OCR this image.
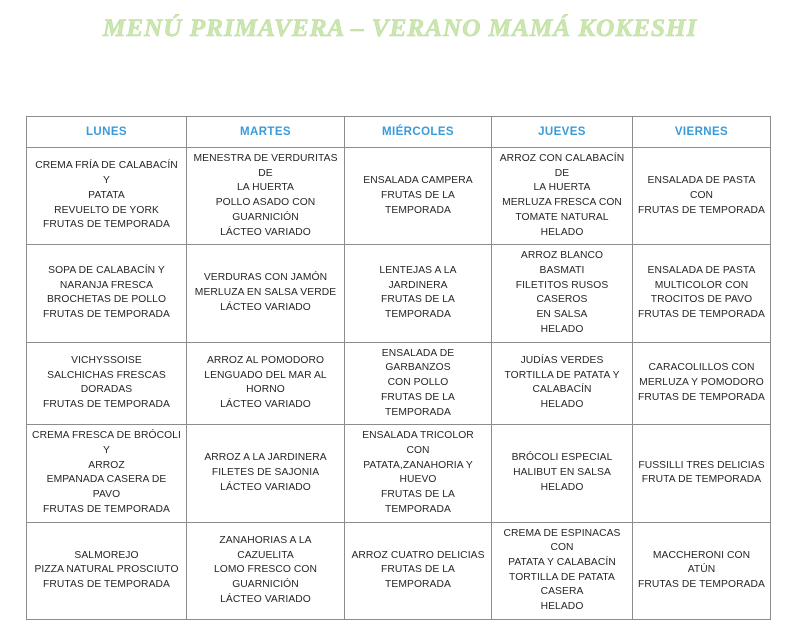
MENÚ PRIMAVERA – VERANO MAMÁ KOKESHI
LUNES	MARTES	MIÉRCOLES	JUEVES	VIERNES

CREMA FRÍA DE CALABACÍN Y
PATATA
REVUELTO DE YORK
FRUTAS DE TEMPORADA	MENESTRA DE VERDURITAS DE
LA HUERTA
POLLO ASADO CON
GUARNICIÓN
LÁCTEO VARIADO	ENSALADA CAMPERA
FRUTAS DE LA TEMPORADA	ARROZ CON CALABACÍN DE
LA HUERTA
MERLUZA FRESCA CON
TOMATE NATURAL
HELADO	ENSALADA DE PASTA CON
FRUTAS DE TEMPORADA

SOPA DE CALABACÍN Y
NARANJA FRESCA
BROCHETAS DE POLLO
FRUTAS DE TEMPORADA	VERDURAS CON JAMÓN
MERLUZA EN SALSA VERDE
LÁCTEO VARIADO	LENTEJAS A LA JARDINERA
FRUTAS DE LA TEMPORADA	ARROZ BLANCO BASMATI
FILETITOS RUSOS CASEROS
EN SALSA
HELADO	ENSALADA DE PASTA
MULTICOLOR CON
TROCITOS DE PAVO
FRUTAS DE TEMPORADA

VICHYSSOISE
SALCHICHAS FRESCAS
DORADAS
FRUTAS DE TEMPORADA	ARROZ AL POMODORO
LENGUADO DEL MAR AL
HORNO
LÁCTEO VARIADO	ENSALADA DE GARBANZOS
CON POLLO
FRUTAS DE LA TEMPORADA	JUDÍAS VERDES
TORTILLA DE PATATA Y
CALABACÍN
HELADO	CARACOLILLOS CON
MERLUZA Y POMODORO
FRUTAS DE TEMPORADA

CREMA FRESCA DE BRÓCOLI Y
ARROZ
EMPANADA CASERA DE PAVO
FRUTAS DE TEMPORADA	ARROZ A LA JARDINERA
FILETES DE SAJONIA
LÁCTEO VARIADO	ENSALADA TRICOLOR CON
PATATA,ZANAHORIA Y
HUEVO
FRUTAS DE LA TEMPORADA	BRÓCOLI ESPECIAL
HALIBUT EN SALSA
HELADO	FUSSILLI TRES DELICIAS
FRUTA DE TEMPORADA

SALMOREJO
PIZZA NATURAL PROSCIUTO
FRUTAS DE TEMPORADA	ZANAHORIAS A LA CAZUELITA
LOMO FRESCO CON
GUARNICIÓN
LÁCTEO VARIADO	ARROZ CUATRO DELICIAS
FRUTAS DE LA TEMPORADA	CREMA DE ESPINACAS CON
PATATA Y CALABACÍN
TORTILLA DE PATATA
CASERA
HELADO	MACCHERONI CON ATÚN
FRUTAS DE TEMPORADA
